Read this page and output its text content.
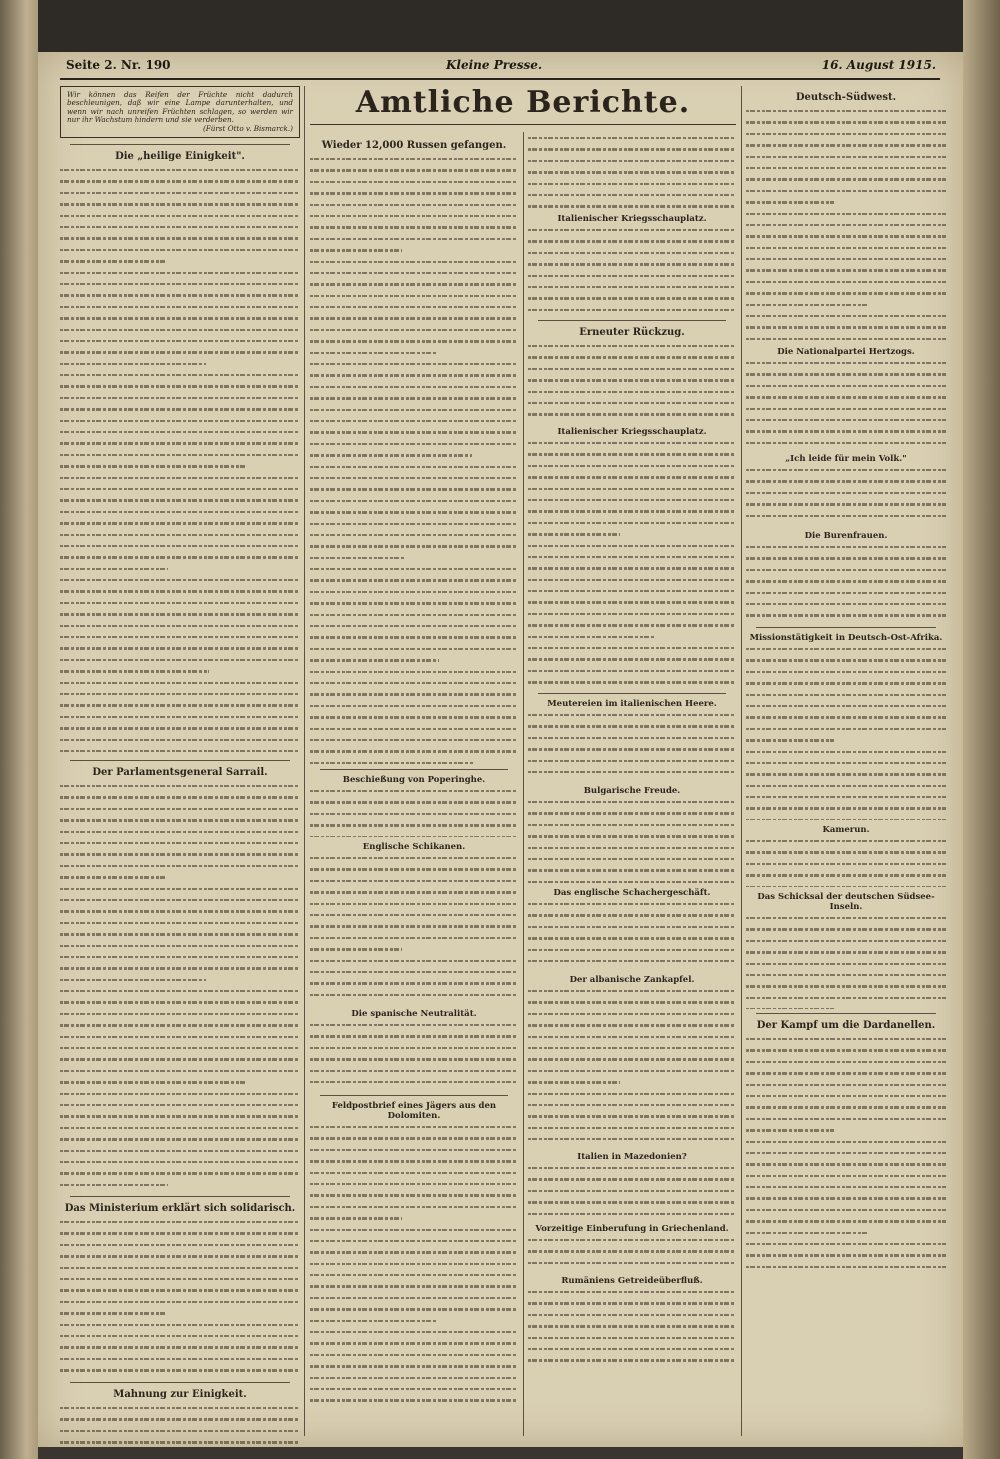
Seite 2. Nr. 190	Kleine Presse.	16. August 1915.
Amtliche Berichte.
Wir können das Reifen der Früchte nicht dadurch beschleunigen, daß wir eine Lampe darunterhalten, und wenn wir nach unreifen Früchten schlagen, so werden wir nur ihr Wachstum hindern und sie verderben.
(Fürst Otto v. Bismarck.)
Die „heilige Einigkeit".
Der Parlamentsgeneral Sarrail.
Das Ministerium erklärt sich solidarisch.
Mahnung zur Einigkeit.
Wieder 12,000 Russen gefangen.
Beschießung von Poperinghe.
Englische Schikanen.
Die spanische Neutralität.
Feldpostbrief eines Jägers aus den Dolomiten.
Italienischer Kriegsschauplatz.
Erneuter Rückzug.
Italienischer Kriegsschauplatz.
Meutereien im italienischen Heere.
Bulgarische Freude.
Das englische Schachergeschäft.
Der albanische Zankapfel.
Italien in Mazedonien?
Vorzeitige Einberufung in Griechenland.
Rumäniens Getreideüberfluß.
Deutsch-Südwest.
Die Nationalpartei Hertzogs.
„Ich leide für mein Volk."
Die Burenfrauen.
Missionstätigkeit in Deutsch-Ost-Afrika.
Kamerun.
Das Schicksal der deutschen Südsee-Inseln.
Der Kampf um die Dardanellen.
